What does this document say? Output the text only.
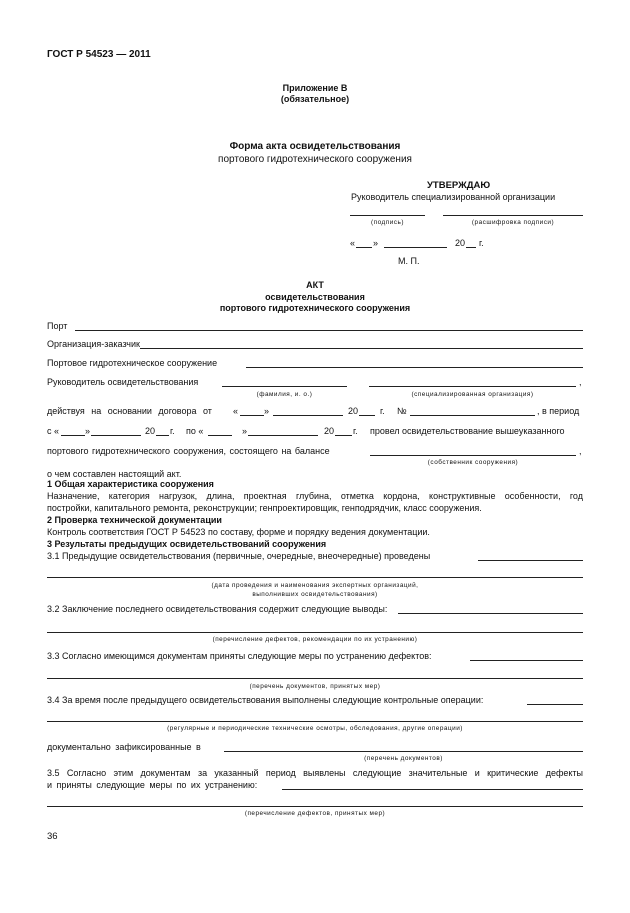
ГОСТ Р 54523 — 2011
Приложение В
(обязательное)
Форма акта освидетельствования
портового гидротехнического сооружения
УТВЕРЖДАЮ
Руководитель специализированной организации
(подпись)	(расшифровка подписи)
« »	20 г.
М. П.
АКТ
освидетельствования
портового гидротехнического сооружения
Порт
Организация-заказчик
Портовое гидротехническое сооружение
Руководитель освидетельствования	,
(фамилия, и. о.)	(специализированная организация)
действуя на основании договора от «	»	20 г. №	, в период
с «	»	20 г. по «	»	20 г. провел освидетельствование вышеуказанного
портового гидротехнического сооружения, состоящего на балансе	,
(собственник сооружения)
о чем составлен настоящий акт.
1 Общая характеристика сооружения
Назначение, категория нагрузок, длина, проектная глубина, отметка кордона, конструктивные особенности, год
постройки, капитального ремонта, реконструкции; генпроектировщик, генподрядчик, класс сооружения.
2 Проверка технической документации
Контроль соответствия ГОСТ Р 54523 по составу, форме и порядку ведения документации.
3 Результаты предыдущих освидетельствований сооружения
3.1 Предыдущие освидетельствования (первичные, очередные, внеочередные) проведены
(дата проведения и наименования экспертных организаций,
выполнивших освидетельствования)
3.2 Заключение последнего освидетельствования содержит следующие выводы:
(перечисление дефектов, рекомендации по их устранению)
3.3 Согласно имеющимся документам приняты следующие меры по устранению дефектов:
(перечень документов, принятых мер)
3.4 За время после предыдущего освидетельствования выполнены следующие контрольные операции:
(регулярные и периодические технические осмотры, обследования, другие операции)
документально зафиксированные в
(перечень документов)
3.5 Согласно этим документам за указанный период выявлены следующие значительные и критические дефекты
и приняты следующие меры по их устранению:
(перечисление дефектов, принятых мер)
36
